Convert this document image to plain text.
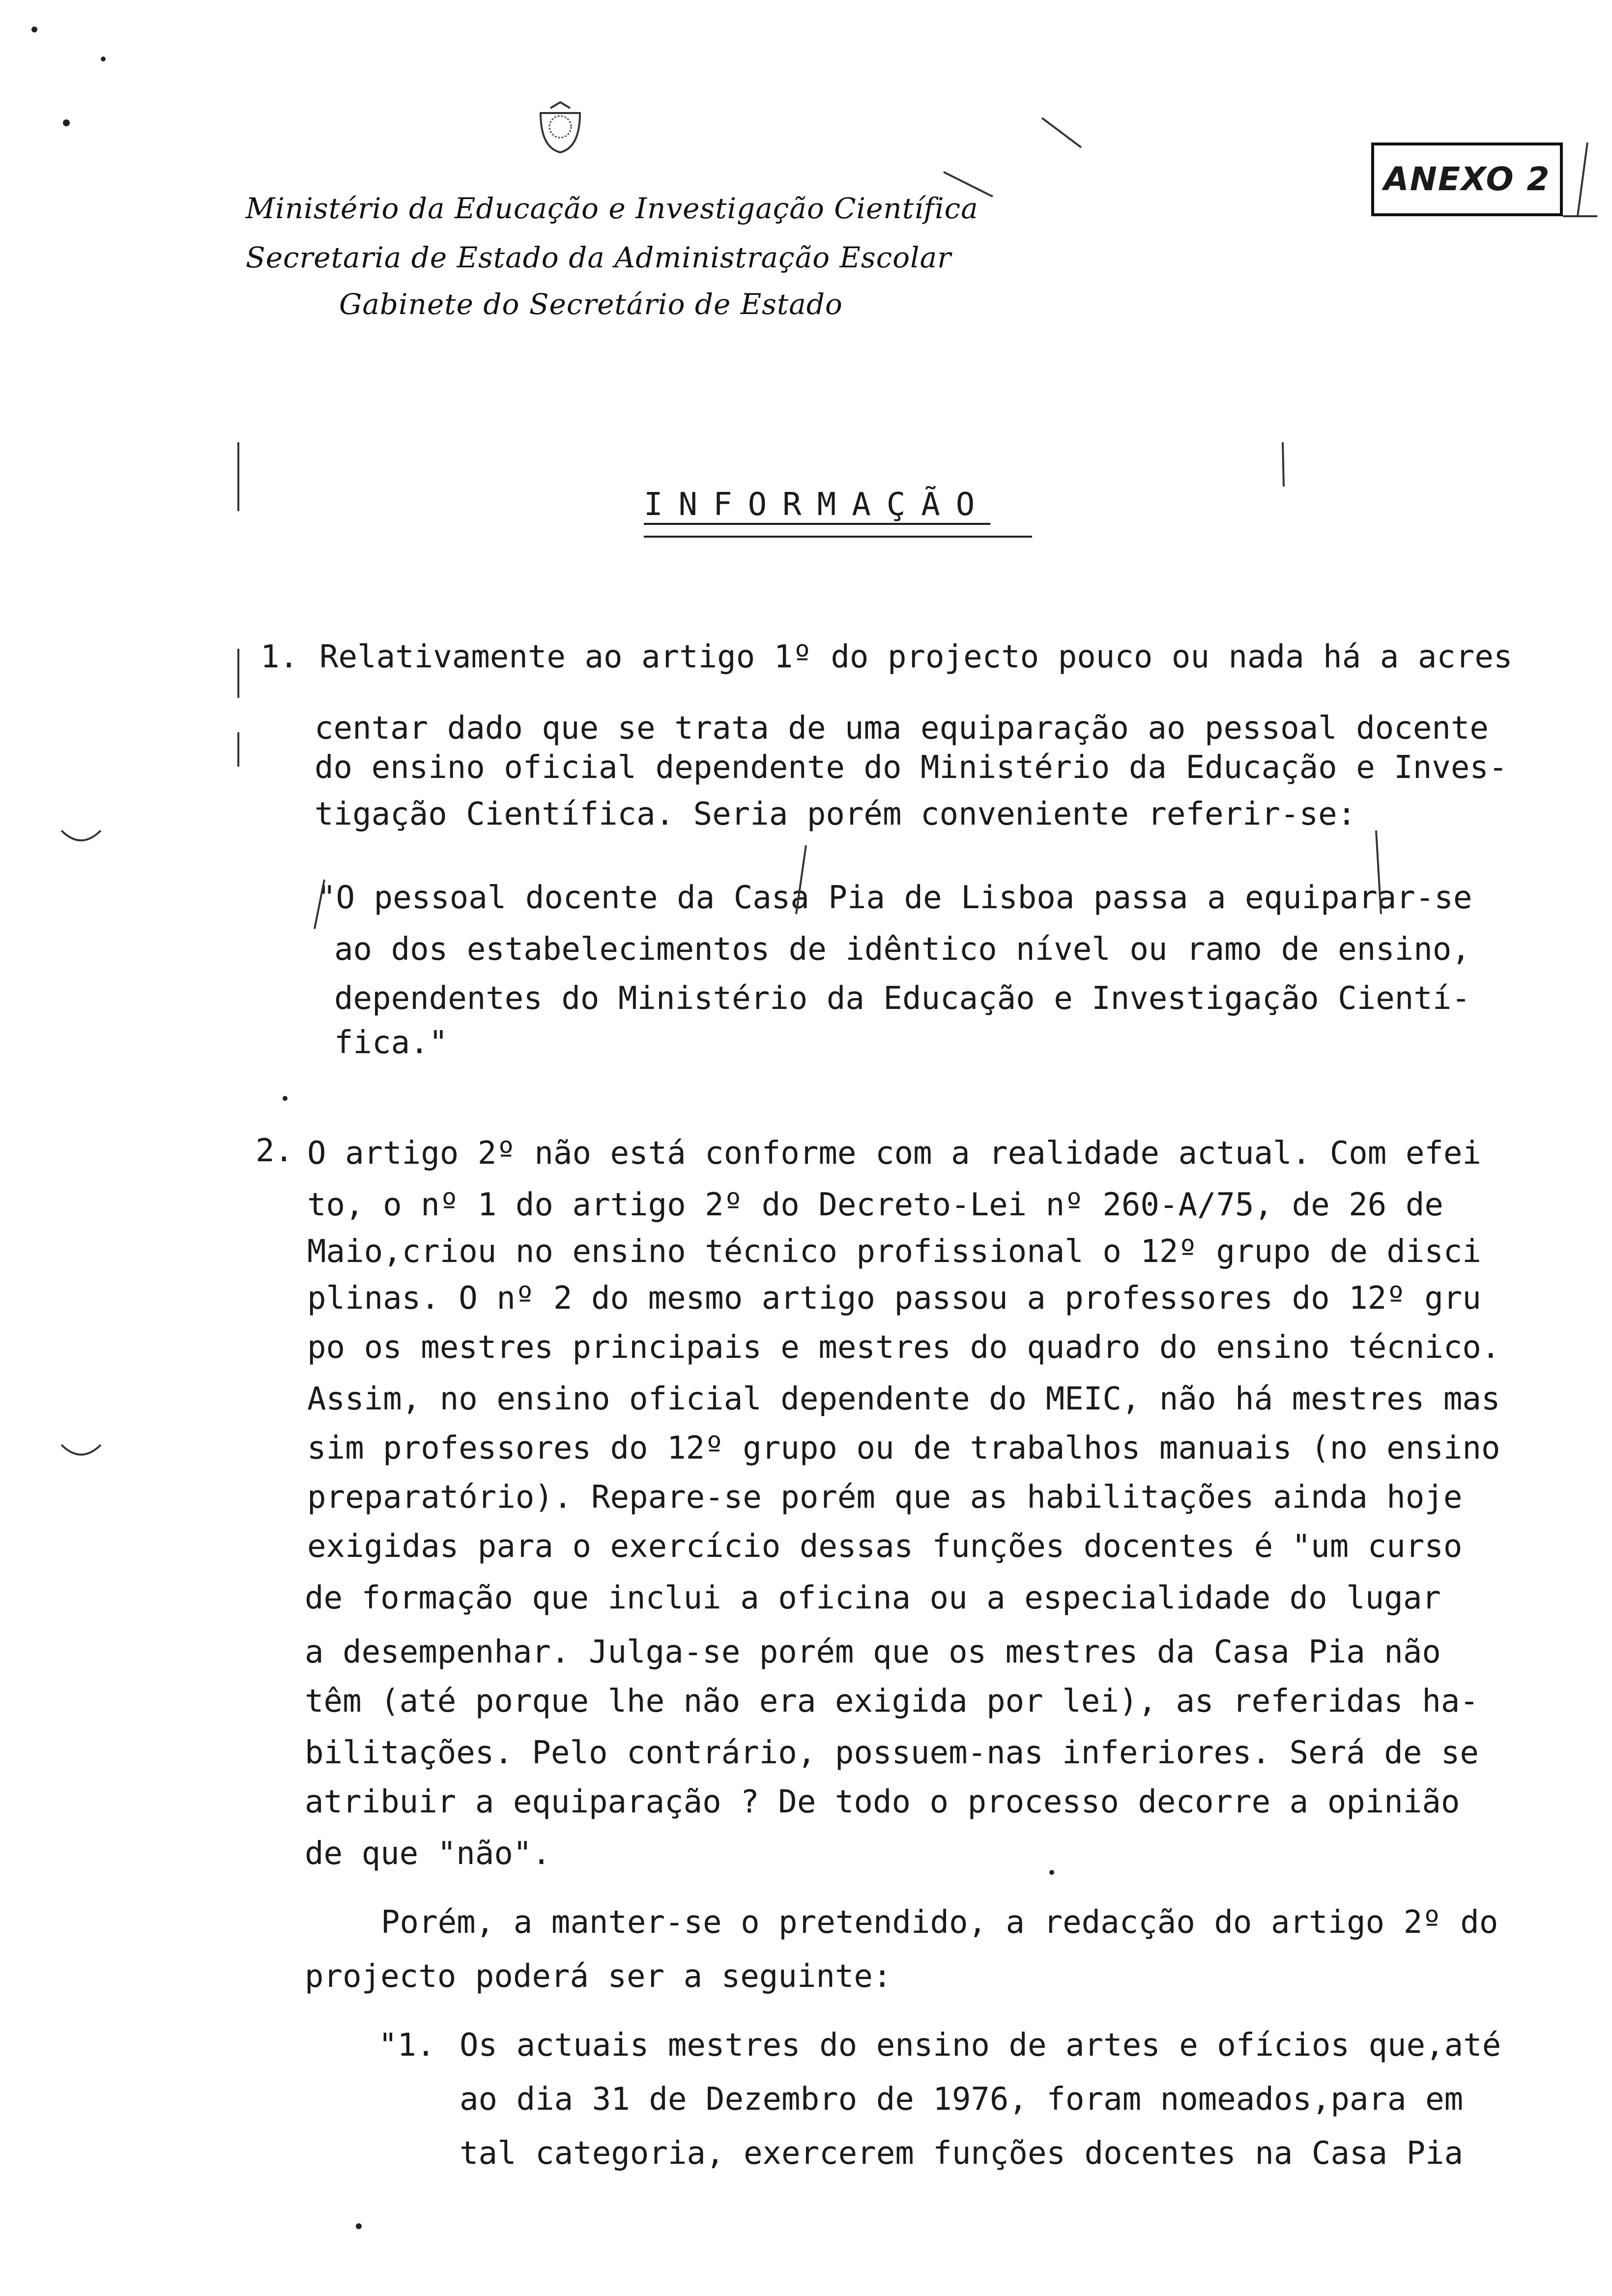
Ministério da Educação e Investigação Científica
Secretaria de Estado da Administração Escolar
Gabinete do Secretário de Estado
ANEXO 2
INFORMAÇÃO
1. Relativamente ao artigo 1º do projecto pouco ou nada há a acres
centar dado que se trata de uma equiparação ao pessoal docente
do ensino oficial dependente do Ministério da Educação e Inves-
tigação Científica. Seria porém conveniente referir-se:
"O pessoal docente da Casa Pia de Lisboa passa a equiparar-se
ao dos estabelecimentos de idêntico nível ou ramo de ensino,
dependentes do Ministério da Educação e Investigação Cientí-
fica."
2. O artigo 2º não está conforme com a realidade actual. Com efei
to, o nº 1 do artigo 2º do Decreto-Lei nº 260-A/75, de 26 de
Maio,criou no ensino técnico profissional o 12º grupo de disci
plinas. O nº 2 do mesmo artigo passou a professores do 12º gru
po os mestres principais e mestres do quadro do ensino técnico.
Assim, no ensino oficial dependente do MEIC, não há mestres mas
sim professores do 12º grupo ou de trabalhos manuais (no ensino
preparatório). Repare-se porém que as habilitações ainda hoje
exigidas para o exercício dessas funções docentes é "um curso
de formação que inclui a oficina ou a especialidade do lugar
a desempenhar. Julga-se porém que os mestres da Casa Pia não
têm (até porque lhe não era exigida por lei), as referidas ha-
bilitações. Pelo contrário, possuem-nas inferiores. Será de se
atribuir a equiparação ? De todo o processo decorre a opinião
de que "não".
Porém, a manter-se o pretendido, a redacção do artigo 2º do
projecto poderá ser a seguinte:
"1. Os actuais mestres do ensino de artes e ofícios que,até
ao dia 31 de Dezembro de 1976, foram nomeados,para em
tal categoria, exercerem funções docentes na Casa Pia
